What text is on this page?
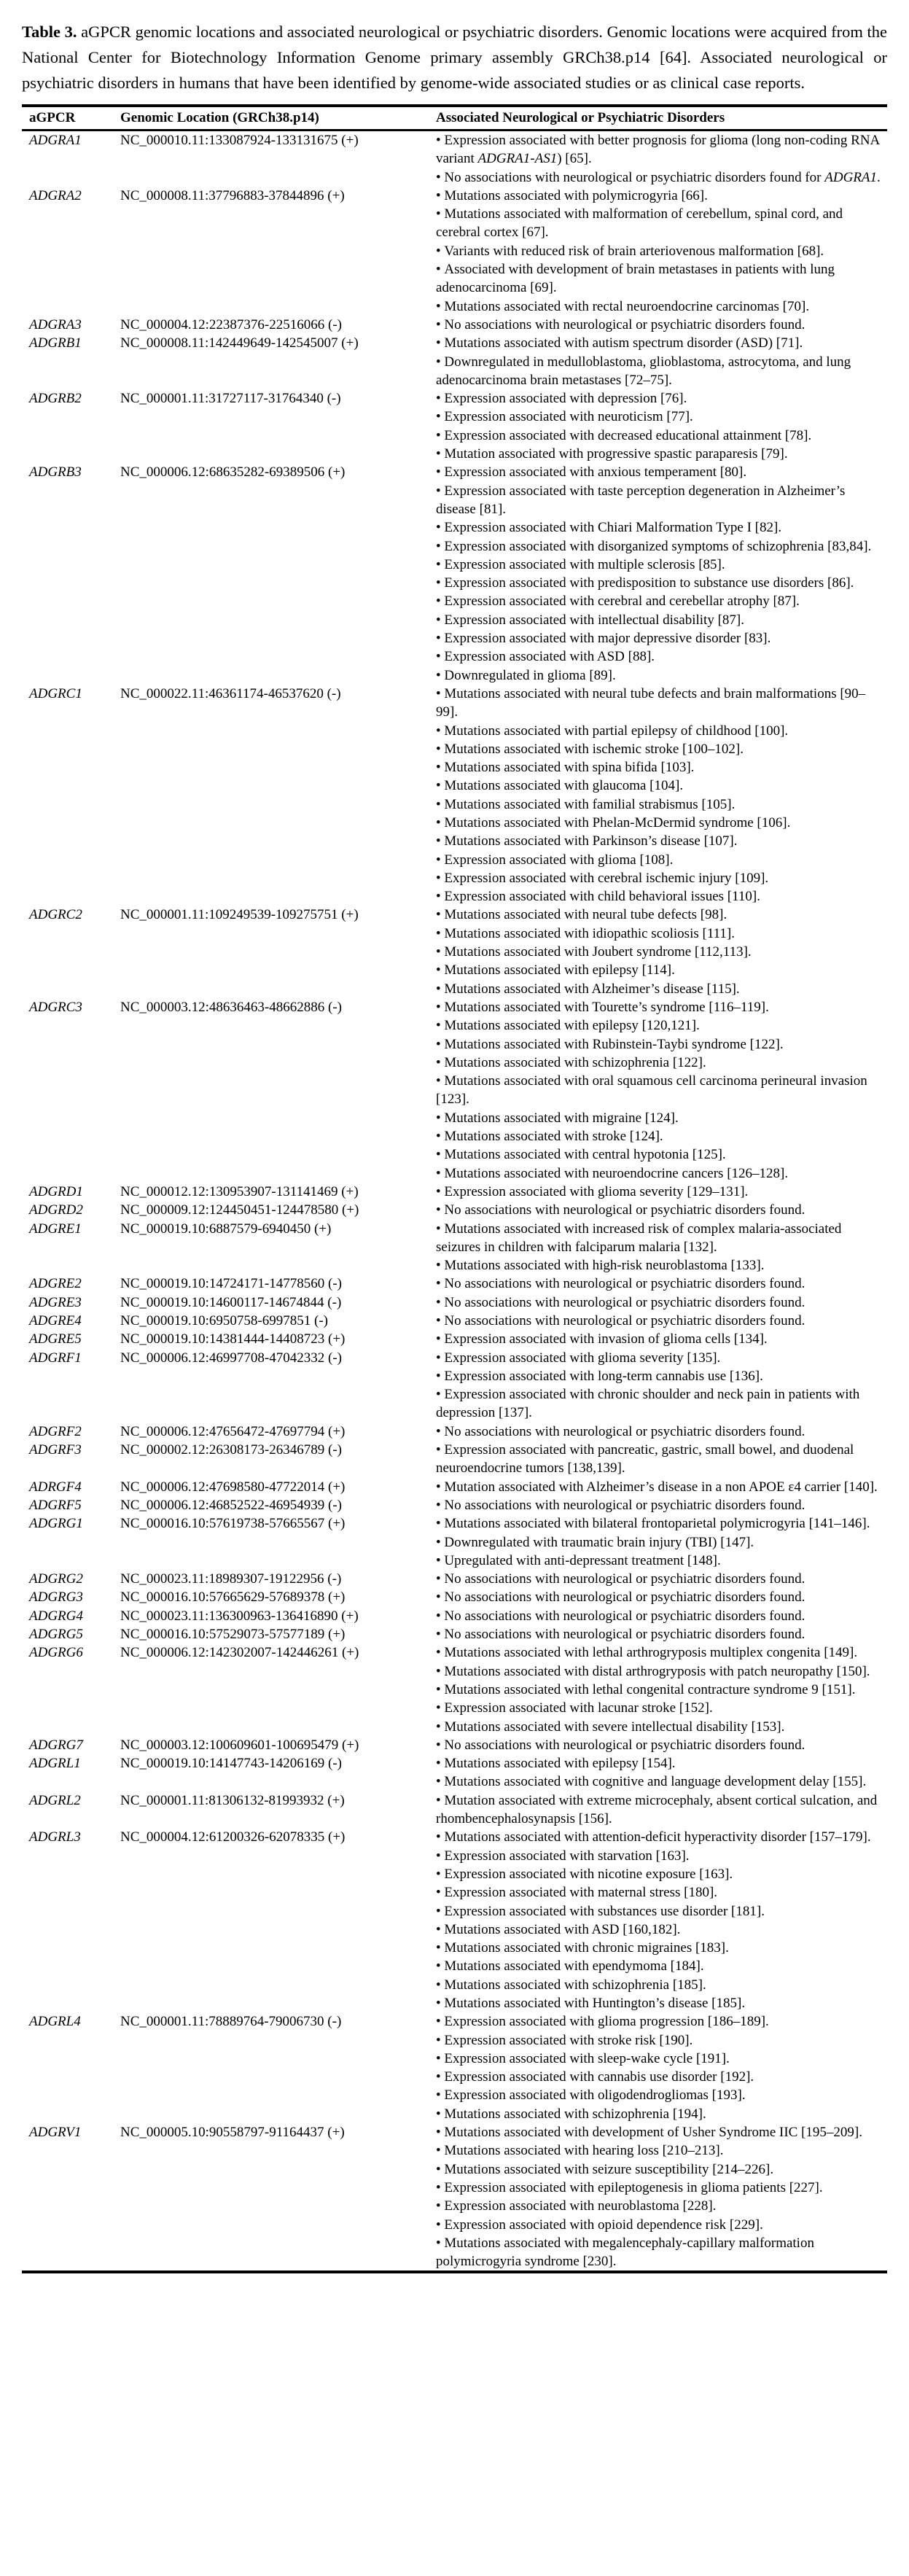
Table 3. aGPCR genomic locations and associated neurological or psychiatric disorders. Genomic locations were acquired from the National Center for Biotechnology Information Genome primary assembly GRCh38.p14 [64]. Associated neurological or psychiatric disorders in humans that have been identified by genome-wide associated studies or as clinical case reports.

aGPCR	Genomic Location (GRCh38.p14)	Associated Neurological or Psychiatric Disorders
ADGRA1	NC_000010.11:133087924-133131675 (+)	• Expression associated with better prognosis for glioma (long non-coding RNA variant ADGRA1-AS1) [65].
• No associations with neurological or psychiatric disorders found for ADGRA1.

ADGRA2	NC_000008.11:37796883-37844896 (+)	• Mutations associated with polymicrogyria [66].
• Mutations associated with malformation of cerebellum, spinal cord, and cerebral cortex [67].
• Variants with reduced risk of brain arteriovenous malformation [68].
• Associated with development of brain metastases in patients with lung adenocarcinoma [69].
• Mutations associated with rectal neuroendocrine carcinomas [70].

ADGRA3	NC_000004.12:22387376-22516066 (-)	• No associations with neurological or psychiatric disorders found.

ADGRB1	NC_000008.11:142449649-142545007 (+)	• Mutations associated with autism spectrum disorder (ASD) [71].
• Downregulated in medulloblastoma, glioblastoma, astrocytoma, and lung adenocarcinoma brain metastases [72–75].

ADGRB2	NC_000001.11:31727117-31764340 (-)	• Expression associated with depression [76].
• Expression associated with neuroticism [77].
• Expression associated with decreased educational attainment [78].
• Mutation associated with progressive spastic paraparesis [79].

ADGRB3	NC_000006.12:68635282-69389506 (+)	
•Expression associated with anxious temperament [80].
• Expression associated with taste perception degeneration in Alzheimer’s disease [81].
• Expression associated with Chiari Malformation Type I [82].
• Expression associated with disorganized symptoms of schizophrenia [83,84].
• Expression associated with multiple sclerosis [85].
• Expression associated with predisposition to substance use disorders [86].
• Expression associated with cerebral and cerebellar atrophy [87].
• Expression associated with intellectual disability [87].
• Expression associated with major depressive disorder [83].
• Expression associated with ASD [88].
• Downregulated in glioma [89].

ADGRC1	NC_000022.11:46361174-46537620 (-)	
•Mutations associated with neural tube defects and brain malformations [90–99].
• Mutations associated with partial epilepsy of childhood [100].
• Mutations associated with ischemic stroke [100–102].
• Mutations associated with spina bifida [103].
• Mutations associated with glaucoma [104].
• Mutations associated with familial strabismus [105].
• Mutations associated with Phelan-McDermid syndrome [106].
• Mutations associated with Parkinson’s disease [107].
• Expression associated with glioma [108].
• Expression associated with cerebral ischemic injury [109].
• Expression associated with child behavioral issues [110].

ADGRC2	NC_000001.11:109249539-109275751 (+)	• Mutations associated with neural tube defects [98].
• Mutations associated with idiopathic scoliosis [111].
• Mutations associated with Joubert syndrome [112,113].
• Mutations associated with epilepsy [114].
• Mutations associated with Alzheimer’s disease [115].

ADGRC3	NC_000003.12:48636463-48662886 (-)	
•Mutations associated with Tourette’s syndrome [116–119].
• Mutations associated with epilepsy [120,121].
• Mutations associated with Rubinstein-Taybi syndrome [122].
• Mutations associated with schizophrenia [122].
• Mutations associated with oral squamous cell carcinoma perineural invasion [123].
• Mutations associated with migraine [124].
• Mutations associated with stroke [124].
• Mutations associated with central hypotonia [125].
• Mutations associated with neuroendocrine cancers [126–128].

ADGRD1	NC_000012.12:130953907-131141469 (+)	• Expression associated with glioma severity [129–131].

ADGRD2	NC_000009.12:124450451-124478580 (+)	• No associations with neurological or psychiatric disorders found.

ADGRE1	NC_000019.10:6887579-6940450 (+)	• Mutations associated with increased risk of complex malaria-associated seizures in children with falciparum malaria [132].
• Mutations associated with high-risk neuroblastoma [133].

ADGRE2	NC_000019.10:14724171-14778560 (-)	• No associations with neurological or psychiatric disorders found.

ADGRE3	NC_000019.10:14600117-14674844 (-)	• No associations with neurological or psychiatric disorders found.

ADGRE4	NC_000019.10:6950758-6997851 (-)	• No associations with neurological or psychiatric disorders found.

ADGRE5	NC_000019.10:14381444-14408723 (+)	• Expression associated with invasion of glioma cells [134].

ADGRF1	NC_000006.12:46997708-47042332 (-)	• Expression associated with glioma severity [135].
• Expression associated with long-term cannabis use [136].
• Expression associated with chronic shoulder and neck pain in patients with depression [137].

ADGRF2	NC_000006.12:47656472-47697794 (+)	• No associations with neurological or psychiatric disorders found.

ADGRF3	NC_000002.12:26308173-26346789 (-)	• Expression associated with pancreatic, gastric, small bowel, and duodenal neuroendocrine tumors [138,139].

ADRGF4	NC_000006.12:47698580-47722014 (+)	• Mutation associated with Alzheimer’s disease in a non APOE ε4 carrier [140].

ADGRF5	NC_000006.12:46852522-46954939 (-)	• No associations with neurological or psychiatric disorders found.

ADGRG1	NC_000016.10:57619738-57665567 (+)	• Mutations associated with bilateral frontoparietal polymicrogyria [141–146].
• Downregulated with traumatic brain injury (TBI) [147].
• Upregulated with anti-depressant treatment [148].

ADGRG2	NC_000023.11:18989307-19122956 (-)	• No associations with neurological or psychiatric disorders found.

ADGRG3	NC_000016.10:57665629-57689378 (+)	• No associations with neurological or psychiatric disorders found.

ADGRG4	NC_000023.11:136300963-136416890 (+)	• No associations with neurological or psychiatric disorders found.

ADGRG5	NC_000016.10:57529073-57577189 (+)	• No associations with neurological or psychiatric disorders found.

ADGRG6	NC_000006.12:142302007-142446261 (+)	• Mutations associated with lethal arthrogryposis multiplex congenita [149].
• Mutations associated with distal arthrogryposis with patch neuropathy [150].
• Mutations associated with lethal congenital contracture syndrome 9 [151].
• Expression associated with lacunar stroke [152].
• Mutations associated with severe intellectual disability [153].

ADGRG7	NC_000003.12:100609601-100695479 (+)	• No associations with neurological or psychiatric disorders found.

ADGRL1	NC_000019.10:14147743-14206169 (-)	• Mutations associated with epilepsy [154].
• Mutations associated with cognitive and language development delay [155].

ADGRL2	NC_000001.11:81306132-81993932 (+)	• Mutation associated with extreme microcephaly, absent cortical sulcation, and rhombencephalosynapsis [156].

ADGRL3	NC_000004.12:61200326-62078335 (+)	
•Mutations associated with attention-deficit hyperactivity disorder [157–179].
• Expression associated with starvation [163].
• Expression associated with nicotine exposure [163].
• Expression associated with maternal stress [180].
• Expression associated with substances use disorder [181].
• Mutations associated with ASD [160,182].
• Mutations associated with chronic migraines [183].
• Mutations associated with ependymoma [184].
• Mutations associated with schizophrenia [185].
• Mutations associated with Huntington’s disease [185].

ADGRL4	NC_000001.11:78889764-79006730 (-)	
•Expression associated with glioma progression [186–189].
• Expression associated with stroke risk [190].
• Expression associated with sleep-wake cycle [191].
• Expression associated with cannabis use disorder [192].
• Expression associated with oligodendrogliomas [193].
• Mutations associated with schizophrenia [194].

ADGRV1	NC_000005.10:90558797-91164437 (+)	
•Mutations associated with development of Usher Syndrome IIC [195–209].
• Mutations associated with hearing loss [210–213].
• Mutations associated with seizure susceptibility [214–226].
• Expression associated with epileptogenesis in glioma patients [227].
• Expression associated with neuroblastoma [228].
• Expression associated with opioid dependence risk [229].
• Mutations associated with megalencephaly-capillary malformation polymicrogyria syndrome [230].
